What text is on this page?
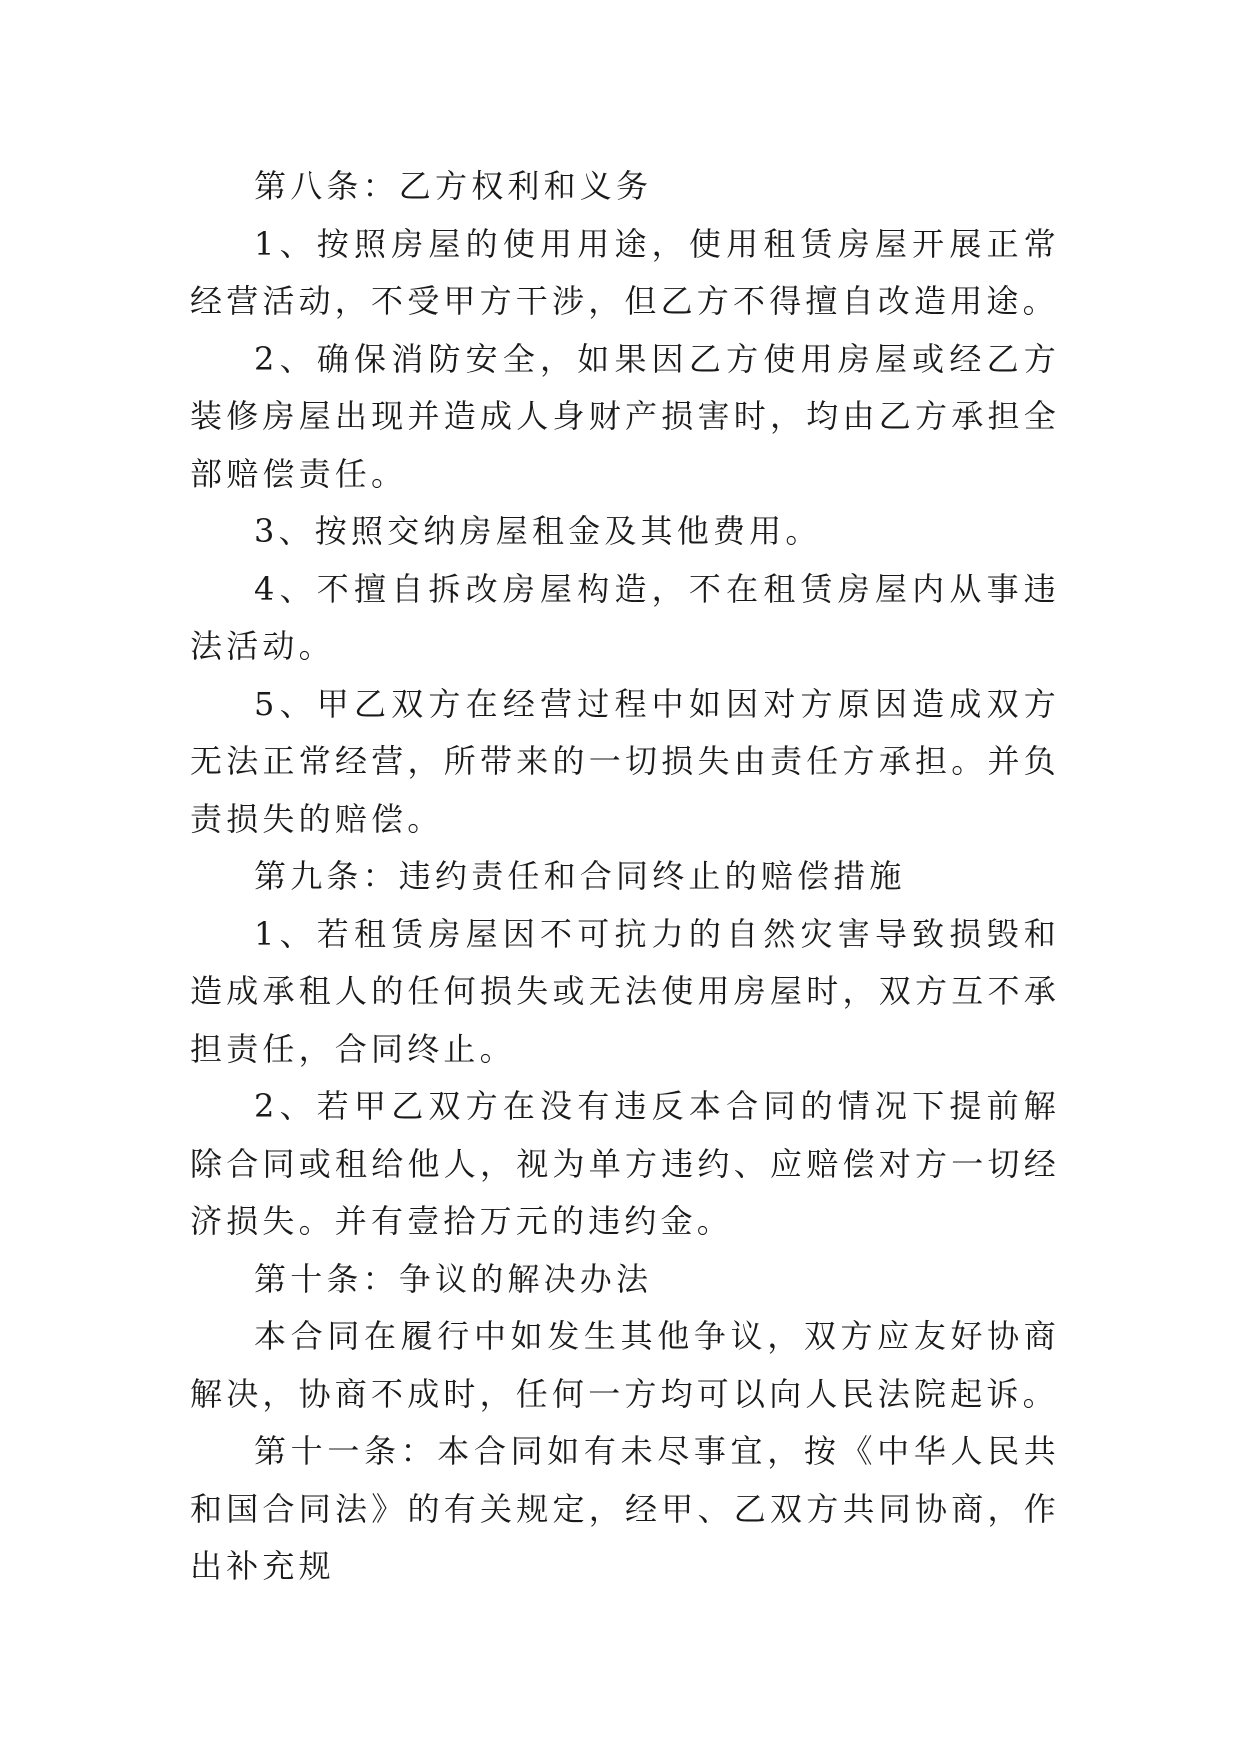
第八条：乙方权利和义务

1、按照房屋的使用用途，使用租赁房屋开展正常经营活动，不受甲方干涉，但乙方不得擅自改造用途。

2、确保消防安全，如果因乙方使用房屋或经乙方装修房屋出现并造成人身财产损害时，均由乙方承担全部赔偿责任。

3、按照交纳房屋租金及其他费用。

4、不擅自拆改房屋构造，不在租赁房屋内从事违法活动。

5、甲乙双方在经营过程中如因对方原因造成双方无法正常经营，所带来的一切损失由责任方承担。并负责损失的赔偿。

第九条：违约责任和合同终止的赔偿措施

1、若租赁房屋因不可抗力的自然灾害导致损毁和造成承租人的任何损失或无法使用房屋时，双方互不承担责任，合同终止。

2、若甲乙双方在没有违反本合同的情况下提前解除合同或租给他人，视为单方违约、应赔偿对方一切经济损失。并有壹拾万元的违约金。

第十条：争议的解决办法

本合同在履行中如发生其他争议，双方应友好协商解决，协商不成时，任何一方均可以向人民法院起诉。

第十一条：本合同如有未尽事宜，按《中华人民共和国合同法》的有关规定，经甲、乙双方共同协商，作出补充规
